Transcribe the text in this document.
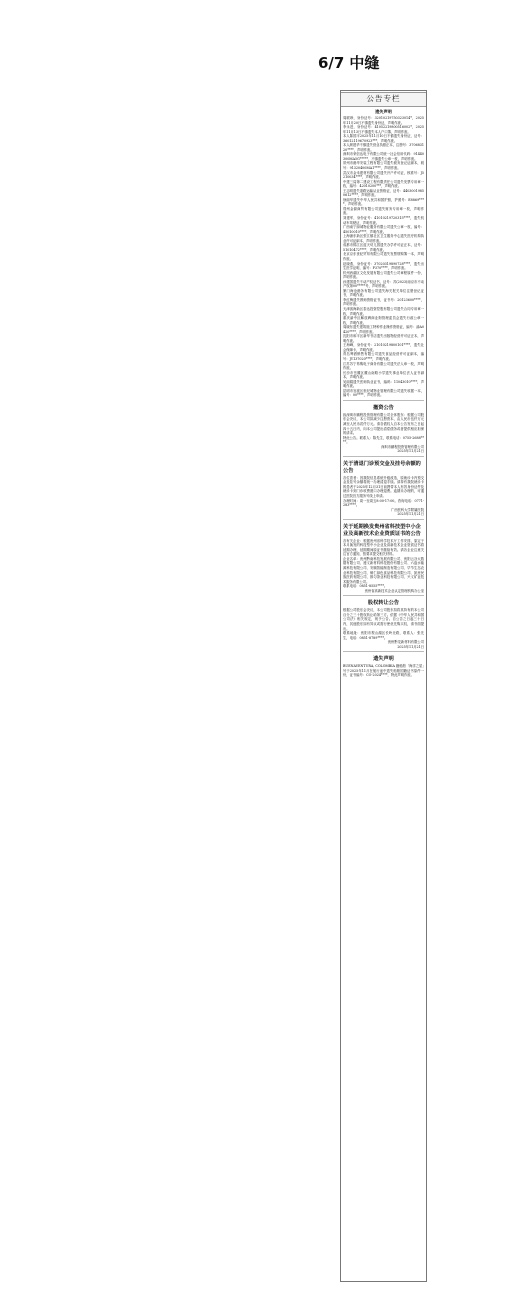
6/7 中缝
公告专栏
遗失声明

周联珍，身份证号：32010219750323014*，2025年11月20日不慎遗失身份证，声明作废。

李永进，身份证号：41052219800516002*，2025年11月13日不慎遗失本人户口簿，声明作废。

本人陈国平2025年11月10日不慎遗失身份证，证号：36012119670923***，声明作废。

本人颜建华不慎遗失营业执照正本，注册号：370683120****，声明作废。

深圳市荣信达电子有限公司统一社会信用代码：91440300MA5G*****，不慎遗失公章一枚，声明作废。

常州市港华安装工程有限公司遗失税务登记证副本，税号：91320400MA1****，声明作废。

武汉市金禾建材有限公司遗失开户许可证，核准号：J5210034****，声明作废。

中建三局第二建设工程有限责任公司遗失发票专用章一枚，编号：42010200***，声明作废。

王志明遗失道路运输从业资格证，证号：44030019850612****，声明作废。

徐丽华遗失中华人民共和国护照，护照号：E8869****，声明作废。

郑州金源商贸有限公司遗失财务专用章一枚，声明作废。

刘建军，身份证号：41010219720315****，遗失机动车驾驶证，声明作废。

广西南宁绿城物业服务有限公司遗失公章一枚，编号：45010010****，声明作废。

上海浦东新区张江镇社区卫生服务中心遗失医疗机构执业许可证副本，声明作废。

成都市锦江区蓝天幼儿园遗失办学许可证正本，证号：51010472****，声明作废。

北京京东世纪贸易有限公司遗失发票领购簿一本，声明作废。

赵晓燕，身份证号：37020319890728****，遗失出生医学证明，编号：P370****，声明作废。

杭州西湖区文化发展有限公司遗失公司章程原件一份，声明作废。

孙建国遗失不动产权证书，证号：苏(2023)南京市不动产权第00*****号，声明作废。

厦门海沧港务有限公司遗失海关报关单位注册登记证书，声明作废。

李红梅遗失教师资格证书，证书号：20123600****，声明作废。

天津滨海新区泰达投资控股有限公司遗失合同专用章一枚，声明作废。

重庆渝中区解放碑商业街管理委员会遗失行政公章一枚，声明作废。

周晓东遗失建筑施工特种作业操作资格证，编号：渝A0420****，声明作废。

沈阳市和平区新华书店遗失出版物经营许可证正本，声明作废。

王海峰，身份证号：21010219800101****，遗失社会保障卡，声明作废。

青岛啤酒销售有限公司遗失食品经营许可证副本，编号：JY137020****，声明作废。

江苏苏宁易购电子商务有限公司遗失法人章一枚，声明作废。

长沙市岳麓区麓山南路小学遗失事业单位法人证书副本，声明作废。

吴丽娟遗失医师执业证书，编码：11043010****，声明作废。

昆明市官渡区世纪城物业管理有限公司遗失收据一本，编号：00****，声明作废。

撤资公告

致深圳市鹏程投资管理有限公司全体股东：根据公司股东会决议，本公司拟减少注册资本，由人民币伍仟万元减至人民币贰仟万元。请各债权人自本公告发布之日起四十五日内，向本公司提出清偿债务或者提供相应担保的请求。

特此公告。联系人：陈先生，联系电话：0755-2688****。

深圳市鹏程投资管理有限公司

2025年11月21日

关于清退门诊预交金及挂号余额的公告

各位患者：因我院信息系统升级改造，原就诊卡内预交金及挂号余额将统一办理清退手续。请持有我院就诊卡的患者于2025年12月31日前携带本人有效身份证件及就诊卡到门诊收费窗口办理退费。逾期未办理的，可通过医院官方服务号线上申请。

办理时间：周一至周五8:00-17:00。咨询电话：0771-283****。

广西医科大学附属医院

2025年11月21日

关于延期换发贵州省科技型中小企业及高新技术企业资质证书的公告

各有关企业：根据贵州省科学技术厅工作安排，原定于本月换发的科技型中小企业及高新技术企业资质证书将延期办理，延期期间原证书继续有效。请各企业注意关注官方通知，按要求提交相关材料。

企业名单：贵州黔南科技发展有限公司、贵阳云谷大数据有限公司、遵义新材料科技股份有限公司、六盘水能源科技有限公司、安顺智能制造有限公司、毕节生态农业科技有限公司、铜仁绿色食品科技有限公司、凯里民族医药有限公司、都匀茶业科技有限公司、兴义矿业技术服务有限公司。

联系电话：0851-8555****。

贵州省高新技术企业认定管理机构办公室

股权转让公告

根据公司股东会决议，本公司股东拟将其持有的本公司百分之三十股权转让给第三方。依据《中华人民共和国公司法》相关规定，现予公告。自公告之日起三十日内，其他股东如有异议或需行使优先购买权，请书面提出。

联系地址：贵阳市观山湖区长岭北路，联系人：张先生，电话：0851-8789****。

贵州黔龙新材料有限公司

2025年11月21日

遗失声明

BUENAVENTURA, COLOMBIA 籍船舶「海洋之星」号于2025年11月在航行途中遗失船舶国籍证书原件一份，证书编号：CO-2024****，特此声明作废。
